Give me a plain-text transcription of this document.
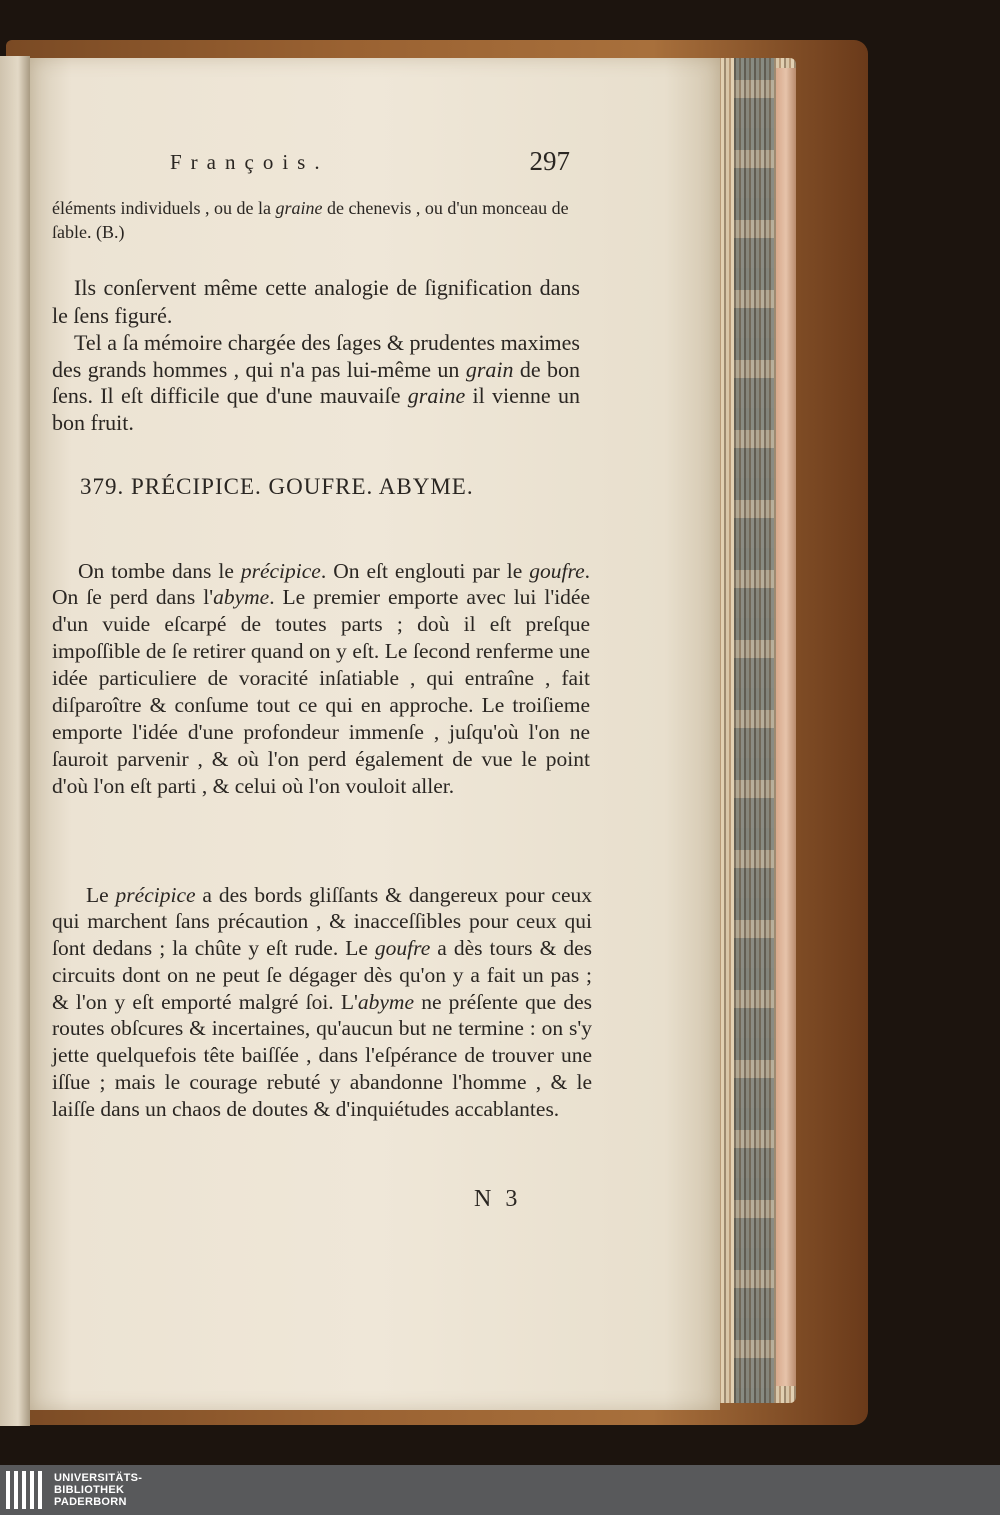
François.	297

éléments individuels , ou de la graine de chenevis , ou d'un monceau de ſable. (B.)

Ils conſervent même cette analogie de ſignification dans le ſens figuré.

Tel a ſa mémoire chargée des ſages & prudentes maximes des grands hommes , qui n'a pas lui-même un grain de bon ſens. Il eſt difficile que d'une mauvaiſe graine il vienne un bon fruit.

379. PRÉCIPICE. GOUFRE. ABYME.

On tombe dans le précipice. On eſt englouti par le goufre. On ſe perd dans l'abyme. Le premier emporte avec lui l'idée d'un vuide eſcarpé de toutes parts ; doù il eſt preſque impoſſible de ſe retirer quand on y eſt. Le ſecond renferme une idée particuliere de voracité inſatiable , qui entraîne , fait diſparoître & conſume tout ce qui en approche. Le troiſieme emporte l'idée d'une profondeur immenſe , juſqu'où l'on ne ſauroit parvenir , & où l'on perd également de vue le point d'où l'on eſt parti , & celui où l'on vouloit aller.

Le précipice a des bords gliſſants & dangereux pour ceux qui marchent ſans précaution , & inacceſſibles pour ceux qui ſont dedans ; la chûte y eſt rude. Le goufre a dès tours & des circuits dont on ne peut ſe dégager dès qu'on y a fait un pas ; & l'on y eſt emporté malgré ſoi. L'abyme ne préſente que des routes obſcures & incertaines, qu'aucun but ne termine : on s'y jette quelquefois tête baiſſée , dans l'eſpérance de trouver une iſſue ; mais le courage rebuté y abandonne l'homme , & le laiſſe dans un chaos de doutes & d'inquiétudes accablantes.

N 3
UNIVERSITÄTS-
BIBLIOTHEK
PADERBORN
